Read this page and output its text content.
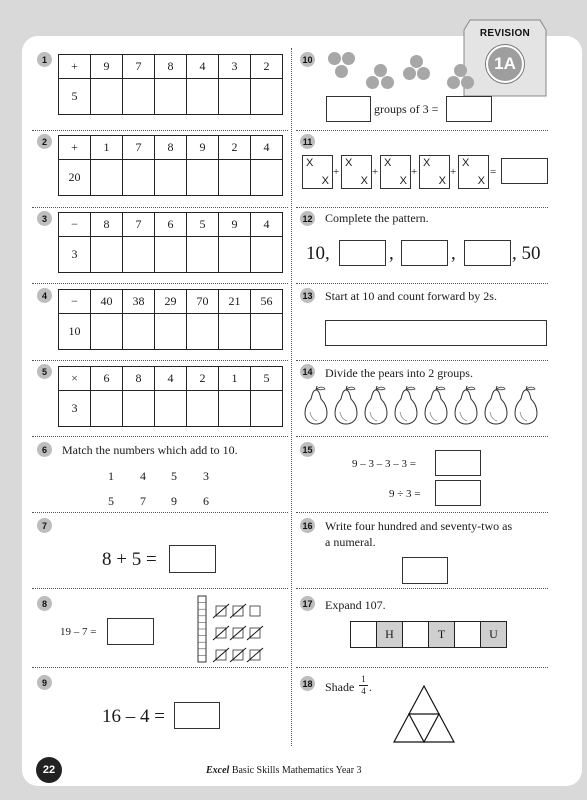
REVISION
1A
1	+	9	7	8	4	3	2
5						
2	+	1	7	8	9	2	4
20						
3	−	8	7	6	5	9	4
3						
4	−	40	38	29	70	21	56
10						
5	×	6	8	4	2	1	5
3						
6	Match the numbers which add to 10.
1 4 5 3
5 7 9 6
7
8 + 5 =
8
19 – 7 =
9
16 – 4 =
10
groups of 3 =
11
X
X
+
X
X
+
X
X
+
X
X
+
X
X
=
12 Complete the pattern.
10,	,	,	, 50
13 Start at 10 and count forward by 2s.
14 Divide the pears into 2 groups.
15
9 – 3 – 3 – 3 =
9 ÷ 3 =
16 Write four hundred and seventy-two as
a numeral.
17 Expand 107.
	H		T		U
18 Shade
1
4 .
22	Excel Basic Skills Mathematics Year 3
